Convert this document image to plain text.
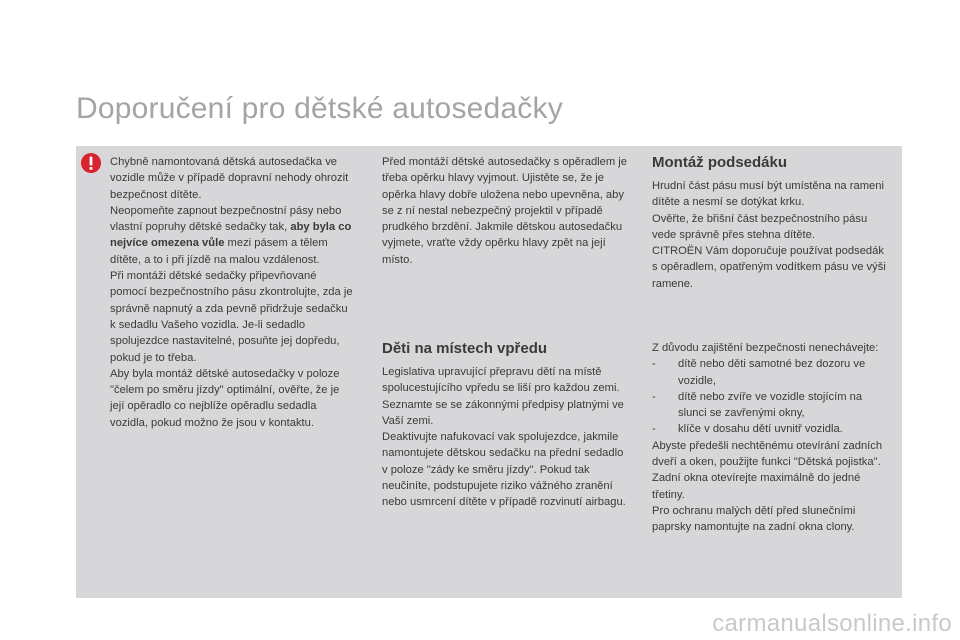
Doporučení pro dětské autosedačky

Chybně namontovaná dětská autosedačka ve vozidle může v případě dopravní nehody ohrozit bezpečnost dítěte.

Neopomeňte zapnout bezpečnostní pásy nebo vlastní popruhy dětské sedačky tak, aby byla co nejvíce omezena vůle mezi pásem a tělem dítěte, a to i při jízdě na malou vzdálenost.

Při montáži dětské sedačky připevňované pomocí bezpečnostního pásu zkontrolujte, zda je správně napnutý a zda pevně přidržuje sedačku k sedadlu Vašeho vozidla. Je-li sedadlo spolujezdce nastavitelné, posuňte jej dopředu, pokud je to třeba.

Aby byla montáž dětské autosedačky v poloze "čelem po směru jízdy" optimální, ověřte, že je její opěradlo co nejblíže opěradlu sedadla vozidla, pokud možno že jsou v kontaktu.

Před montáží dětské autosedačky s opěradlem je třeba opěrku hlavy vyjmout. Ujistěte se, že je opěrka hlavy dobře uložena nebo upevněna, aby se z ní nestal nebezpečný projektil v případě prudkého brzdění. Jakmile dětskou autosedačku vyjmete, vraťte vždy opěrku hlavy zpět na její místo.

Děti na místech vpředu

Legislativa upravující přepravu dětí na místě spolucestujícího vpředu se liší pro každou zemi.

Seznamte se se zákonnými předpisy platnými ve Vaší zemi.

Deaktivujte nafukovací vak spolujezdce, jakmile namontujete dětskou sedačku na přední sedadlo v poloze "zády ke směru jízdy". Pokud tak neučiníte, podstupujete riziko vážného zranění nebo usmrcení dítěte v případě rozvinutí airbagu.

Montáž podsedáku

Hrudní část pásu musí být umístěna na rameni dítěte a nesmí se dotýkat krku.

Ověřte, že břišní část bezpečnostního pásu vede správně přes stehna dítěte.

CITROËN Vám doporučuje používat podsedák s opěradlem, opatřeným vodítkem pásu ve výši ramene.

Z důvodu zajištění bezpečnosti nenechávejte:

- dítě nebo děti samotné bez dozoru ve vozidle,
- dítě nebo zvíře ve vozidle stojícím na slunci se zavřenými okny,
- klíče v dosahu dětí uvnitř vozidla.

Abyste předešli nechtěnému otevírání zadních dveří a oken, použijte funkci "Dětská pojistka".

Zadní okna otevírejte maximálně do jedné třetiny.

Pro ochranu malých dětí před slunečními paprsky namontujte na zadní okna clony.

carmanualsonline.info
